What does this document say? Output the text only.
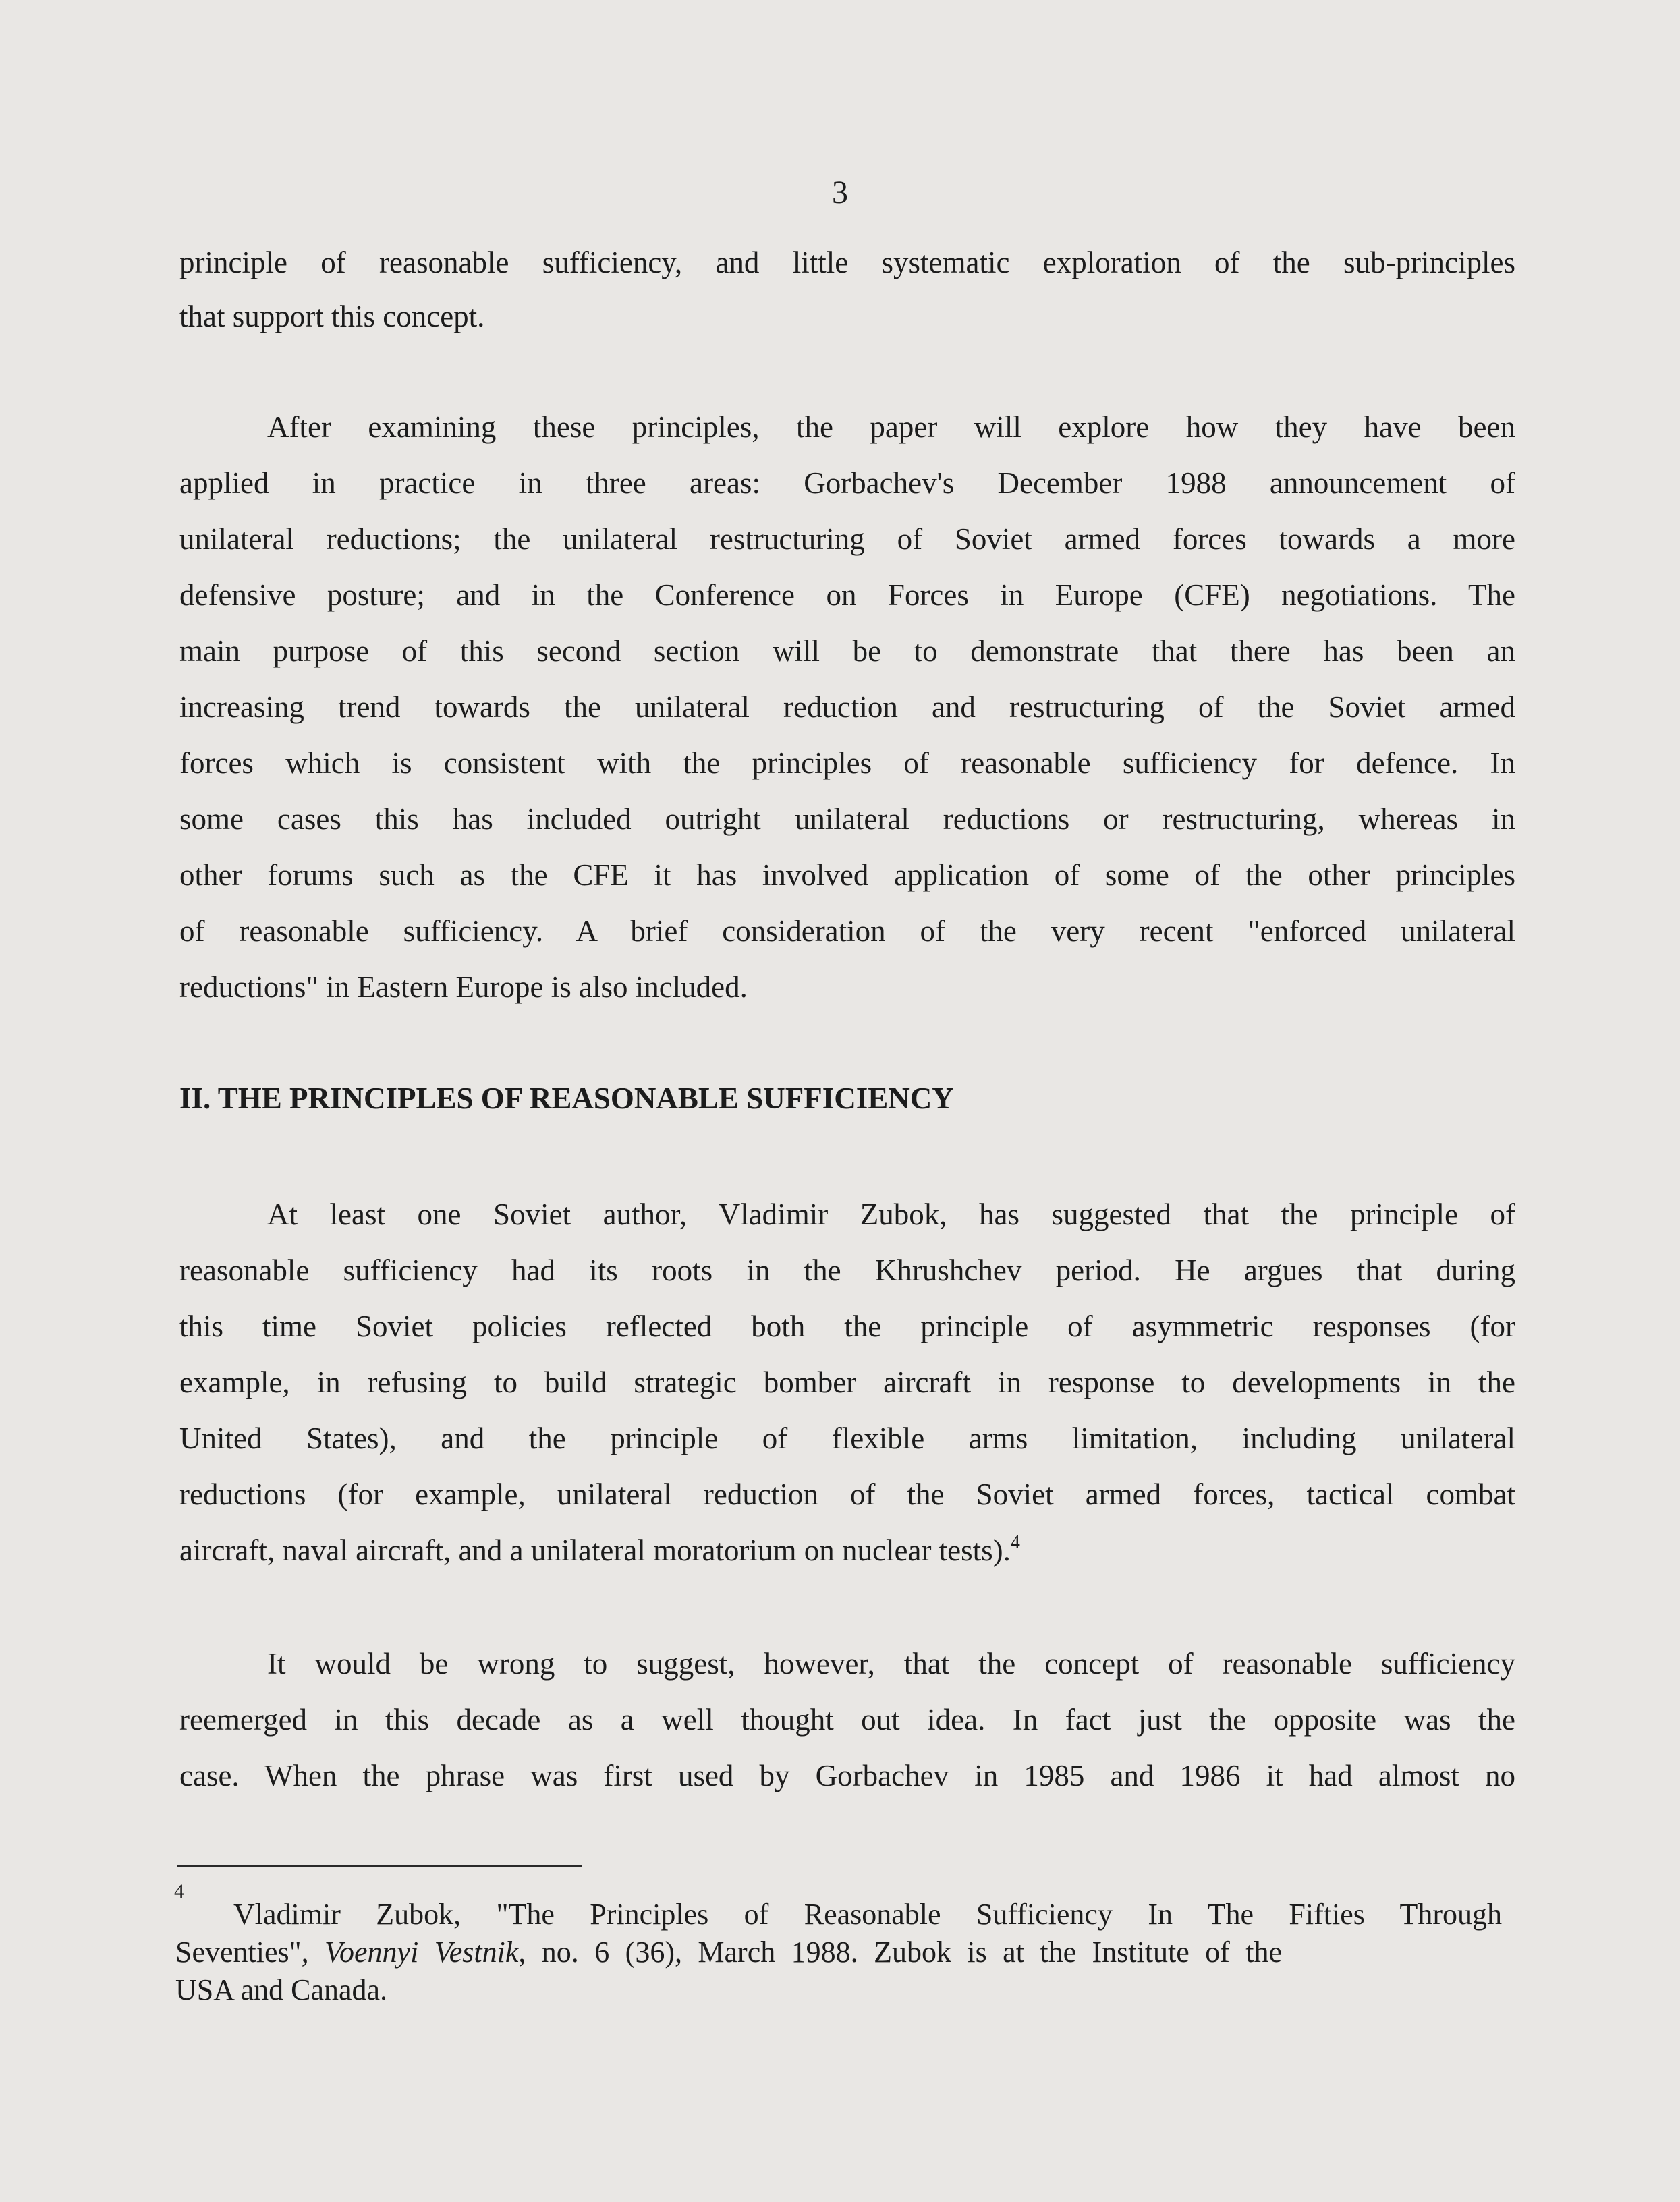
3
principle of reasonable sufficiency, and little systematic exploration of the sub-principles
that support this concept.
After examining these principles, the paper will explore how they have been
applied in practice in three areas: Gorbachev's December 1988 announcement of
unilateral reductions; the unilateral restructuring of Soviet armed forces towards a more
defensive posture; and in the Conference on Forces in Europe (CFE) negotiations. The
main purpose of this second section will be to demonstrate that there has been an
increasing trend towards the unilateral reduction and restructuring of the Soviet armed
forces which is consistent with the principles of reasonable sufficiency for defence. In
some cases this has included outright unilateral reductions or restructuring, whereas in
other forums such as the CFE it has involved application of some of the other principles
of reasonable sufficiency. A brief consideration of the very recent "enforced unilateral
reductions" in Eastern Europe is also included.
II. THE PRINCIPLES OF REASONABLE SUFFICIENCY
At least one Soviet author, Vladimir Zubok, has suggested that the principle of
reasonable sufficiency had its roots in the Khrushchev period. He argues that during
this time Soviet policies reflected both the principle of asymmetric responses (for
example, in refusing to build strategic bomber aircraft in response to developments in the
United States), and the principle of flexible arms limitation, including unilateral
reductions (for example, unilateral reduction of the Soviet armed forces, tactical combat
aircraft, naval aircraft, and a unilateral moratorium on nuclear tests).$^4$
It would be wrong to suggest, however, that the concept of reasonable sufficiency
reemerged in this decade as a well thought out idea. In fact just the opposite was the
case. When the phrase was first used by Gorbachev in 1985 and 1986 it had almost no
4
Vladimir Zubok, "The Principles of Reasonable Sufficiency In The Fifties Through
Seventies", Voennyi Vestnik, no. 6 (36), March 1988. Zubok is at the Institute of the
USA and Canada.
